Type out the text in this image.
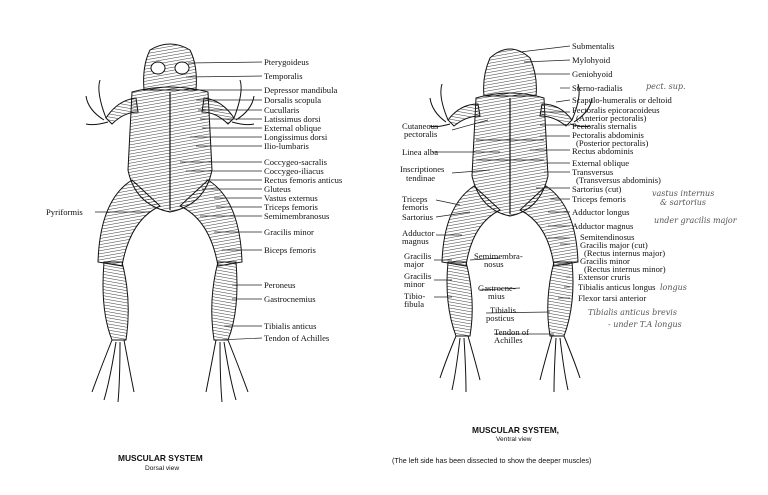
Pterygoideus
Temporalis
Depressor mandibula
Dorsalis scopula
Cucullaris
Latissimus dorsi
External oblique
Longissimus dorsi
Ilio-lumbaris
Coccygeo-sacralis
Coccygeo-iliacus
Rectus femoris anticus
Gluteus
Vastus externus
Triceps femoris
Semimembranosus
Gracilis minor
Biceps femoris
Peroneus
Gastrocnemius
Tibialis anticus
Tendon of Achilles
Pyriformis
MUSCULAR SYSTEM
Dorsal view
Submentalis
Mylohyoid
Geniohyoid
Sterno-radialis
Scapulo-humeralis or deltoid
Pectoralis epicoracoideus
(Anterior pectoralis)
Pectoralis sternalis
Pectoralis abdominis
(Posterior pectoralis)
Rectus abdominis
External oblique
Transversus
(Transversus abdominis)
Sartorius (cut)
Triceps femoris
Adductor longus
Adductor magnus
Semitendinosus
Gracilis major (cut)
(Rectus internus major)
Gracilis minor
(Rectus internus minor)
Extensor cruris
Tibialis anticus longus
Flexor tarsi anterior
Cutaneous
pectoralis
Linea alba
Inscriptiones
tendinae
Triceps
femoris
Sartorius
Adductor
magnus
Gracilis
major
Gracilis
minor
Tibio-
fibula
Semimembra-
nosus
Gastrocne-
mius
Tibialis
posticus
Tendon of
Achilles
pect. sup.
vastus internus
& sartorius
under gracilis major
longus
Tibialis anticus brevis
- under T.A longus
MUSCULAR SYSTEM,
Ventral view
(The left side has been dissected to show the deeper muscles)
